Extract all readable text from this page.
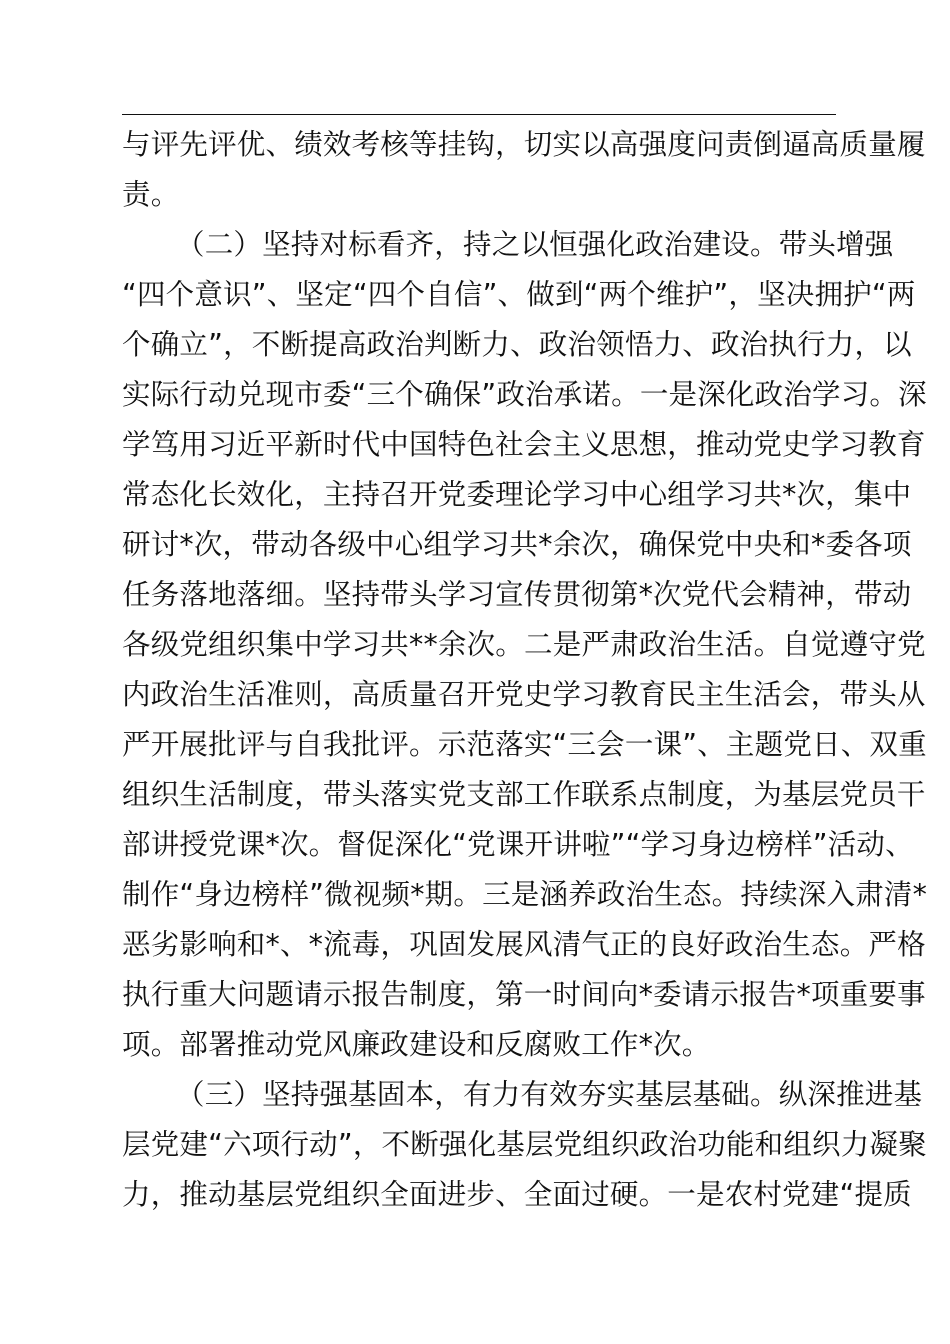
与评先评优、绩效考核等挂钩，切实以高强度问责倒逼高质量履
责。
（二）坚持对标看齐，持之以恒强化政治建设。带头增强
“四个意识”、坚定“四个自信”、做到“两个维护”，坚决拥护“两
个确立”，不断提高政治判断力、政治领悟力、政治执行力，以
实际行动兑现市委“三个确保”政治承诺。一是深化政治学习。深
学笃用习近平新时代中国特色社会主义思想，推动党史学习教育
常态化长效化，主持召开党委理论学习中心组学习共*次，集中
研讨*次，带动各级中心组学习共*余次，确保党中央和*委各项
任务落地落细。坚持带头学习宣传贯彻第*次党代会精神，带动
各级党组织集中学习共**余次。二是严肃政治生活。自觉遵守党
内政治生活准则，高质量召开党史学习教育民主生活会，带头从
严开展批评与自我批评。示范落实“三会一课”、主题党日、双重
组织生活制度，带头落实党支部工作联系点制度，为基层党员干
部讲授党课*次。督促深化“党课开讲啦”“学习身边榜样”活动、
制作“身边榜样”微视频*期。三是涵养政治生态。持续深入肃清*
恶劣影响和*、*流毒，巩固发展风清气正的良好政治生态。严格
执行重大问题请示报告制度，第一时间向*委请示报告*项重要事
项。部署推动党风廉政建设和反腐败工作*次。
（三）坚持强基固本，有力有效夯实基层基础。纵深推进基
层党建“六项行动”，不断强化基层党组织政治功能和组织力凝聚
力，推动基层党组织全面进步、全面过硬。一是农村党建“提质
